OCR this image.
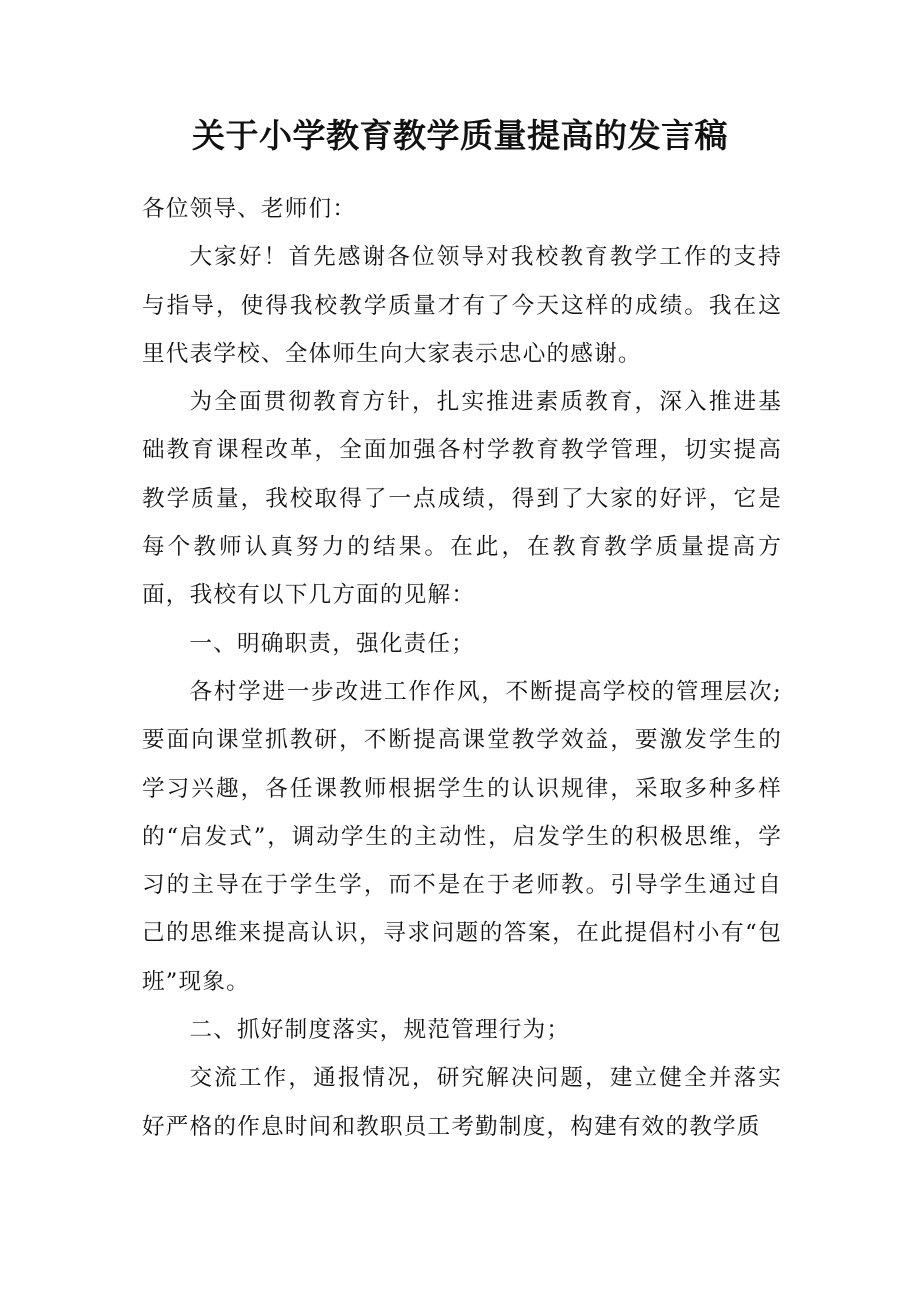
关于小学教育教学质量提高的发言稿

各位领导、老师们：

大家好！首先感谢各位领导对我校教育教学工作的支持与指导，使得我校教学质量才有了今天这样的成绩。我在这里代表学校、全体师生向大家表示忠心的感谢。

为全面贯彻教育方针，扎实推进素质教育，深入推进基础教育课程改革，全面加强各村学教育教学管理，切实提高教学质量，我校取得了一点成绩，得到了大家的好评，它是每个教师认真努力的结果。在此，在教育教学质量提高方面，我校有以下几方面的见解：

一、明确职责，强化责任；

各村学进一步改进工作作风，不断提高学校的管理层次;要面向课堂抓教研，不断提高课堂教学效益，要激发学生的学习兴趣，各任课教师根据学生的认识规律，采取多种多样的“启发式”，调动学生的主动性，启发学生的积极思维，学习的主导在于学生学，而不是在于老师教。引导学生通过自己的思维来提高认识，寻求问题的答案，在此提倡村小有“包班”现象。

二、抓好制度落实，规范管理行为；

交流工作，通报情况，研究解决问题，建立健全并落实好严格的作息时间和教职员工考勤制度，构建有效的教学质
